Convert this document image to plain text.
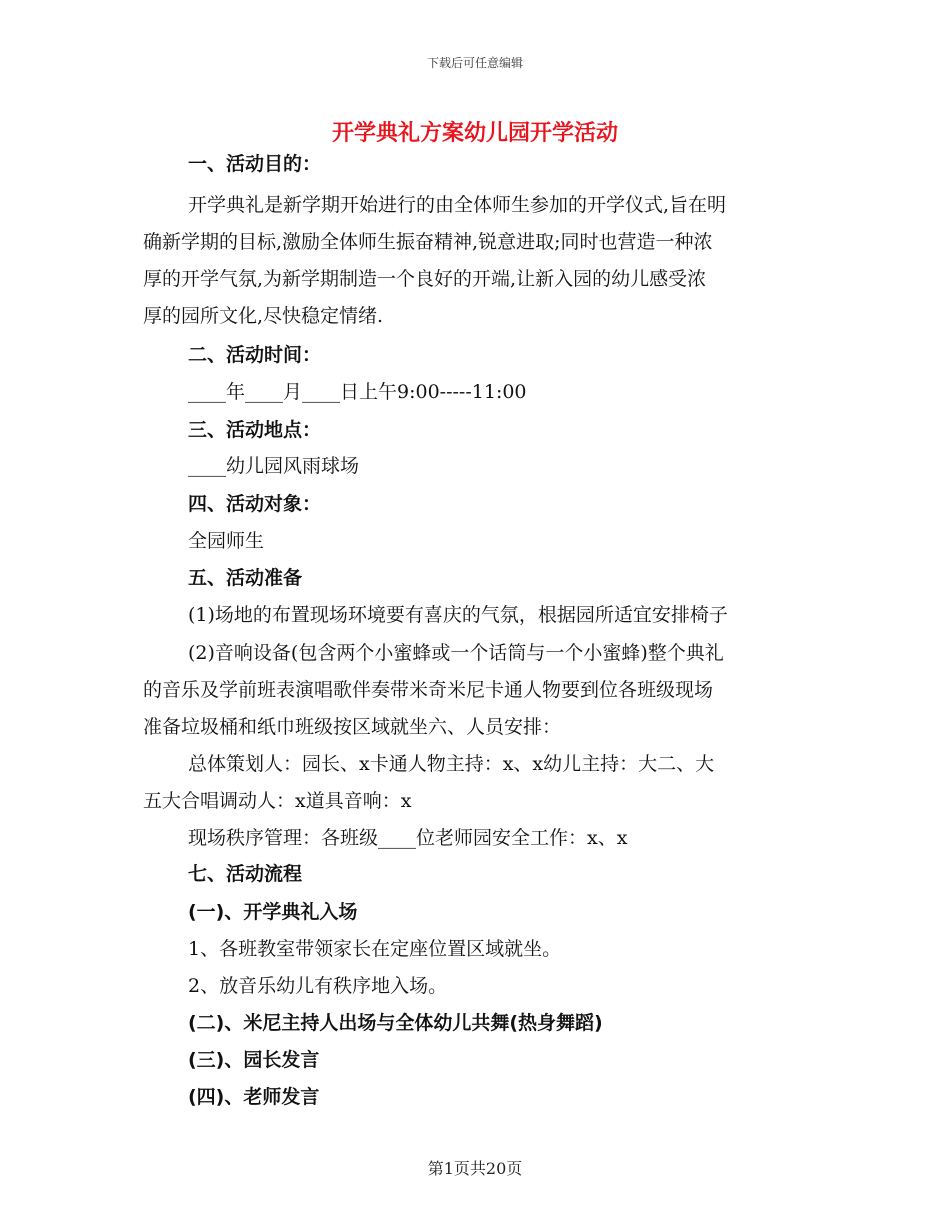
下载后可任意编辑
开学典礼方案幼儿园开学活动
一、活动目的：
开学典礼是新学期开始进行的由全体师生参加的开学仪式,旨在明
确新学期的目标,激励全体师生振奋精神,锐意进取;同时也营造一种浓
厚的开学气氛,为新学期制造一个良好的开端,让新入园的幼儿感受浓
厚的园所文化,尽快稳定情绪.
二、活动时间：
____年____月____日上午9:00-----11:00
三、活动地点：
____幼儿园风雨球场
四、活动对象：
全园师生
五、活动准备
(1)场地的布置现场环境要有喜庆的气氛，根据园所适宜安排椅子
(2)音响设备(包含两个小蜜蜂或一个话筒与一个小蜜蜂)整个典礼
的音乐及学前班表演唱歌伴奏带米奇米尼卡通人物要到位各班级现场
准备垃圾桶和纸巾班级按区域就坐六、人员安排：
总体策划人：园长、x卡通人物主持：x、x幼儿主持：大二、大
五大合唱调动人：x道具音响：x
现场秩序管理：各班级____位老师园安全工作：x、x
七、活动流程
(一)、开学典礼入场
1、各班教室带领家长在定座位置区域就坐。
2、放音乐幼儿有秩序地入场。
(二)、米尼主持人出场与全体幼儿共舞(热身舞蹈)
(三)、园长发言
(四)、老师发言
第1页共20页
